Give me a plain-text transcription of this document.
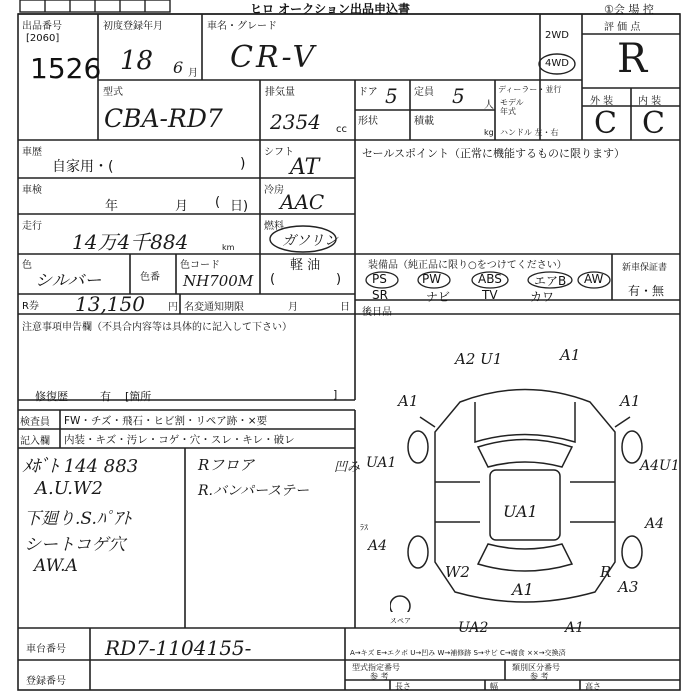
ヒロ オークション出品申込書	①会 場 控
出品番号
[2060]
1526
初度登録年月
18 6 月
車名・グレード
CR-V
2WD
4WD
評 価 点
R
外 装 内 装
C C
型式
CBA-RD7
排気量
2354 cc
ドア 5 定員 5 人
ディーラー・並行
モデル年式
形状	積載
kg ハンドル 左・右
車歴
自家用・(	)
シフト
AT
セールスポイント（正常に機能するものに限ります）
車検
年	月 ( 日)
冷房
AAC
走行
14万4千884	km
燃料
ガソリン
軽 油
(	)
色
シルバー	色番
色コード
NH700M
装備品（純正品に限り○をつけてください）	新車保証書
有・無
PS	PW	ABS	エアB. AW
SR	ナビ	TV	カワ
R券 13,150 円 名変通知期限	月	日 後日品
注意事項申告欄（不具合内容等は具体的に記入して下さい）
修復歴	有 [箇所	]
検査員
記入欄
FW・チズ・飛石・ヒビ割・リペア跡・×要
内装・キズ・汚レ・コゲ・穴・スレ・キレ・破レ
ﾒﾎﾞﾄ 144 883
A.U.W2
下廻り.S.ﾊﾟｱﾄ
シートコゲ穴
AW.A
Rフロア
R.バンパーステー
A2 U1	A1
A1	A1
UA1	A4U1
UA1
A4
A4
W2
A1
R
A3
UA2	A1
スペア
凹み
ﾗｽ
車台番号 RD7-1104155-
登録番号
A→キズ E→エクボ U→凹み W→補修跡 S→サビ C→腐食 ××→交換済
型式指定番号
参 考
類別区分番号
参 考
長さ	幅	高さ
